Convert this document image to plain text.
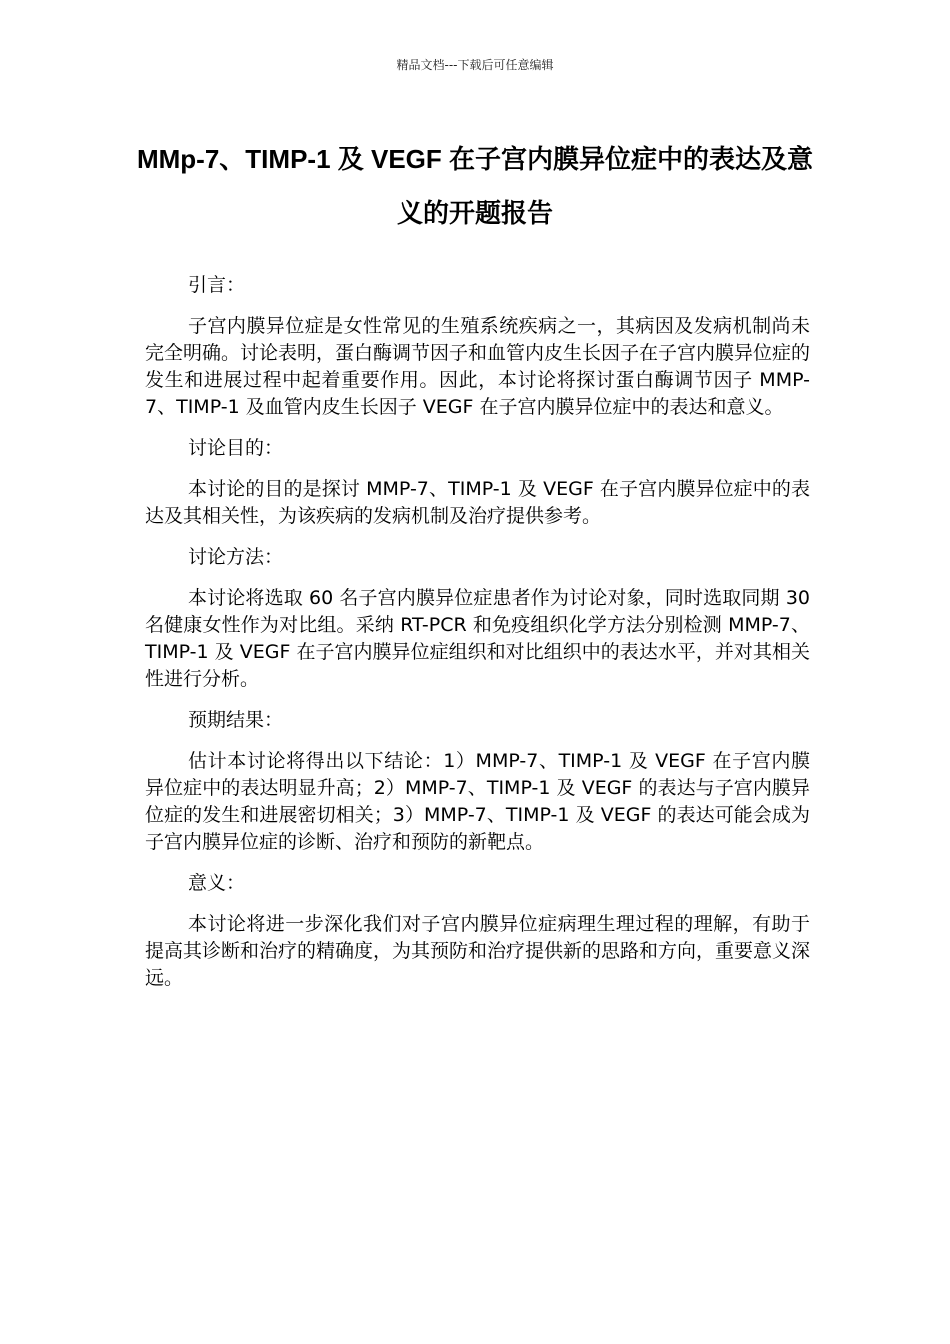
精品文档---下载后可任意编辑
MMp-7、TIMP-1 及 VEGF 在子宫内膜异位症中的表达及意义的开题报告

引言：

子宫内膜异位症是女性常见的生殖系统疾病之一，其病因及发病机制尚未完全明确。讨论表明，蛋白酶调节因子和血管内皮生长因子在子宫内膜异位症的发生和进展过程中起着重要作用。因此，本讨论将探讨蛋白酶调节因子 MMP-7、TIMP-1 及血管内皮生长因子 VEGF 在子宫内膜异位症中的表达和意义。

讨论目的：

本讨论的目的是探讨 MMP-7、TIMP-1 及 VEGF 在子宫内膜异位症中的表达及其相关性，为该疾病的发病机制及治疗提供参考。

讨论方法：

本讨论将选取 60 名子宫内膜异位症患者作为讨论对象，同时选取同期 30 名健康女性作为对比组。采纳 RT-PCR 和免疫组织化学方法分别检测 MMP-7、TIMP-1 及 VEGF 在子宫内膜异位症组织和对比组织中的表达水平，并对其相关性进行分析。

预期结果：

估计本讨论将得出以下结论：1）MMP-7、TIMP-1 及 VEGF 在子宫内膜异位症中的表达明显升高；2）MMP-7、TIMP-1 及 VEGF 的表达与子宫内膜异位症的发生和进展密切相关；3）MMP-7、TIMP-1 及 VEGF 的表达可能会成为子宫内膜异位症的诊断、治疗和预防的新靶点。

意义：

本讨论将进一步深化我们对子宫内膜异位症病理生理过程的理解，有助于提高其诊断和治疗的精确度，为其预防和治疗提供新的思路和方向，重要意义深远。
